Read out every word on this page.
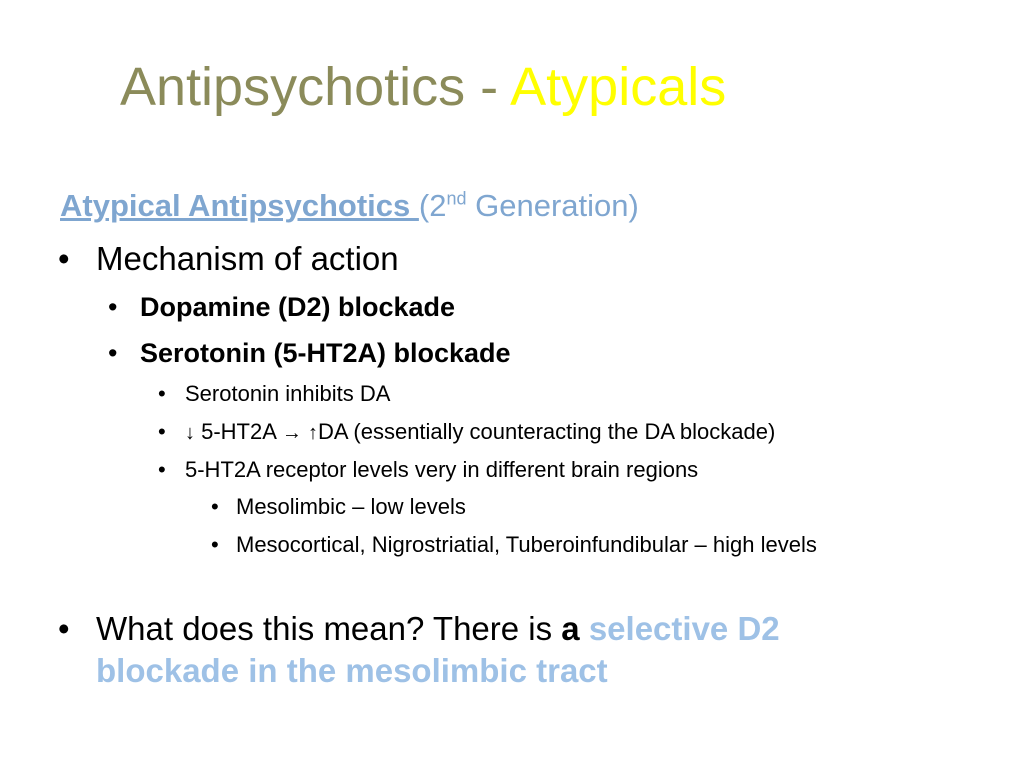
Antipsychotics - Atypicals
Atypical Antipsychotics (2nd Generation)
• Mechanism of action
• Dopamine (D2) blockade
• Serotonin (5-HT2A) blockade
• Serotonin inhibits DA
• ↓ 5-HT2A → ↑DA (essentially counteracting the DA blockade)
• 5-HT2A receptor levels very in different brain regions
• Mesolimbic – low levels
• Mesocortical, Nigrostriatial, Tuberoinfundibular – high levels
• What does this mean? There is a selective D2
blockade in the mesolimbic tract
